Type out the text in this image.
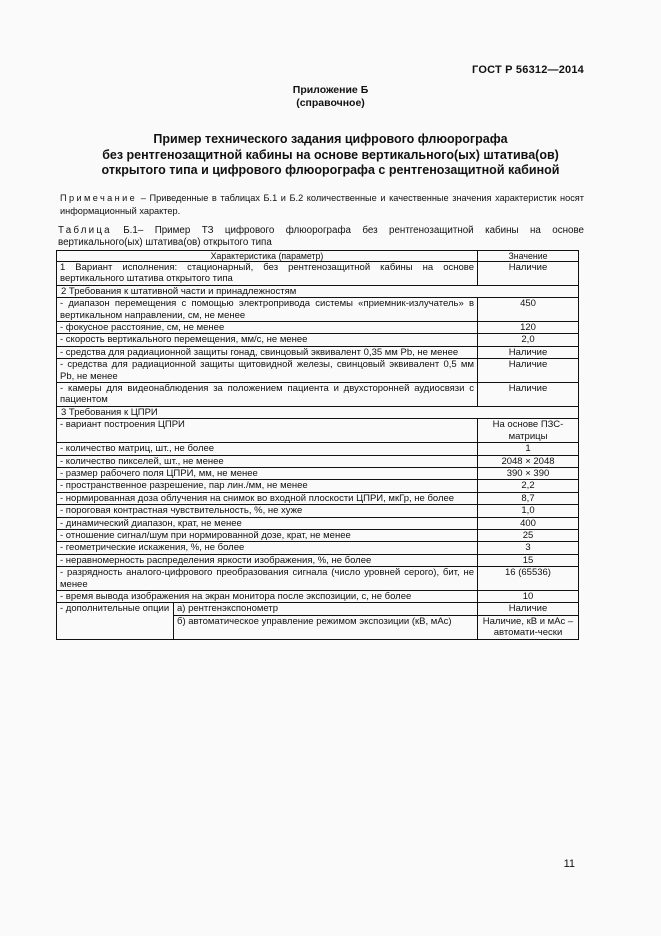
ГОСТ Р 56312—2014
Приложение Б
(справочное)
Пример технического задания цифрового флюорографа
без рентгенозащитной кабины на основе вертикального(ых) штатива(ов)
открытого типа и цифрового флюорографа с рентгенозащитной кабиной
Примечание – Приведенные в таблицах Б.1 и Б.2 количественные и качественные значения характеристик носят информационный характер.
Таблица Б.1– Пример ТЗ цифрового флюорографа без рентгенозащитной кабины на основе вертикального(ых) штатива(ов) открытого типа
Характеристика (параметр)		Значение
1 Вариант исполнения: стационарный, без рентгенозащитной кабины на основе вертикального штатива открытого типа		Наличие
2 Требования к штативной части и принадлежностям		
- диапазон перемещения с помощью электропривода системы «приемник-излучатель» в вертикальном направлении, см, не менее		450
- фокусное расстояние, см, не менее		120
- скорость вертикального перемещения, мм/с, не менее		2,0
- средства для радиационной защиты гонад, свинцовый эквивалент 0,35 мм Pb, не менее		Наличие
- средства для радиационной защиты щитовидной железы, свинцовый эквивалент 0,5 мм Pb, не менее		Наличие
- камеры для видеонаблюдения за положением пациента и двухсторонней аудиосвязи с пациентом		Наличие
3 Требования к ЦПРИ		
- вариант построения ЦПРИ		На основе ПЗС-матрицы
- количество матриц, шт., не более		1
- количество пикселей, шт., не менее		2048 × 2048
- размер рабочего поля ЦПРИ, мм, не менее		390 × 390
- пространственное разрешение, пар лин./мм, не менее		2,2
- нормированная доза облучения на снимок во входной плоскости ЦПРИ, мкГр, не более		8,7
- пороговая контрастная чувствительность, %, не хуже		1,0
- динамический диапазон, крат, не менее		400
- отношение сигнал/шум при нормированной дозе, крат, не менее		25
- геометрические искажения, %, не более		3
- неравномерность распределения яркости изображения, %, не более		15
- разрядность аналого-цифрового преобразования сигнала (число уровней серого), бит, не менее		16 (65536)
- время вывода изображения на экран монитора после экспозиции, с, не более		10
- дополнительные опции	а) рентгенэкспонометр	Наличие
	б) автоматическое управление режимом экспозиции (кВ, мАс)	Наличие, кВ и мАс – автомати-чески
11
